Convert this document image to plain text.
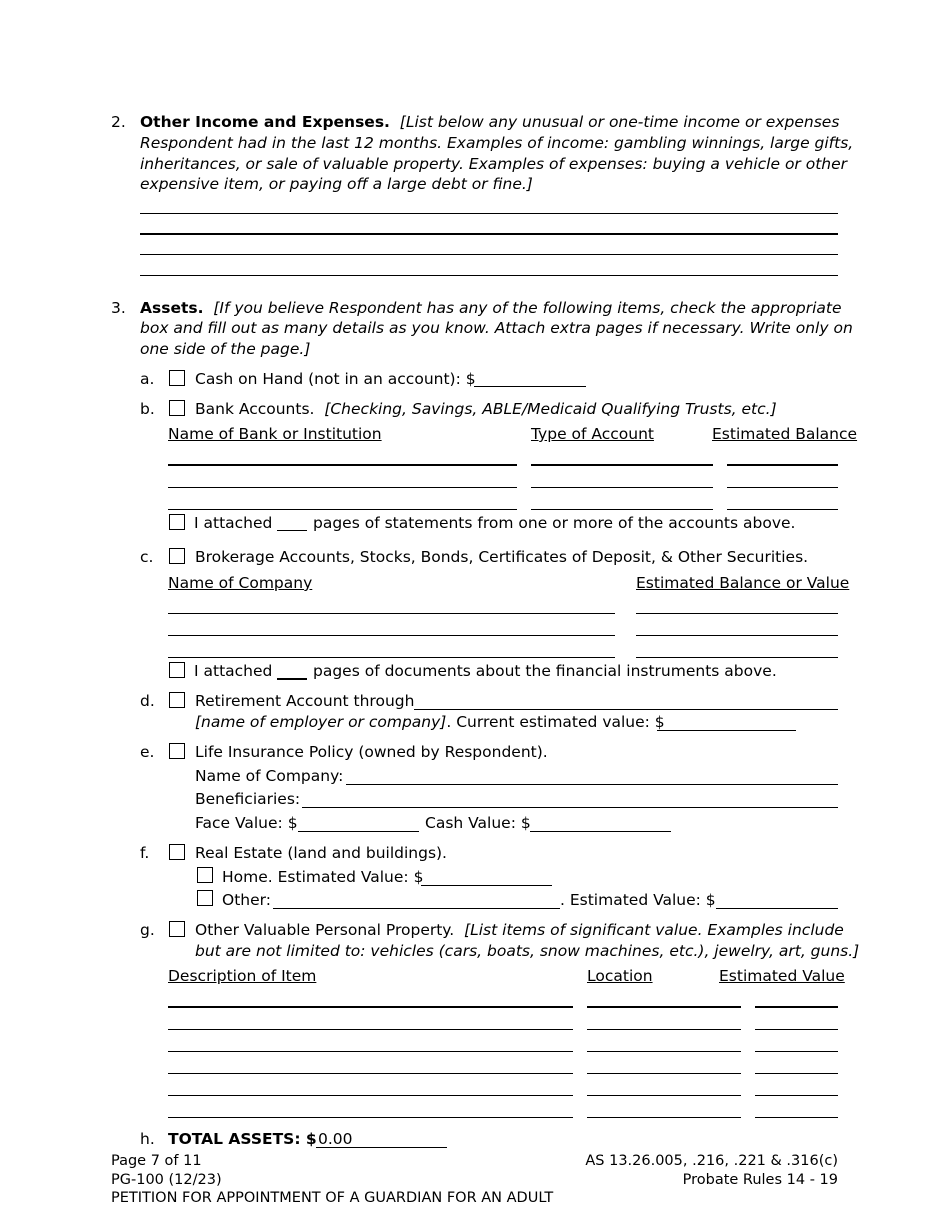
2. Other Income and Expenses. [List below any unusual or one-time income or expenses
Respondent had in the last 12 months. Examples of income: gambling winnings, large gifts,
inheritances, or sale of valuable property. Examples of expenses: buying a vehicle or other
expensive item, or paying off a large debt or fine.]
3. Assets. [If you believe Respondent has any of the following items, check the appropriate
box and fill out as many details as you know. Attach extra pages if necessary. Write only on
one side of the page.]
a.	Cash on Hand (not in an account): $
b.	Bank Accounts. [Checking, Savings, ABLE/Medicaid Qualifying Trusts, etc.]
Name of Bank or Institution	Type of Account	Estimated Balance
I attached	pages of statements from one or more of the accounts above.
c.	Brokerage Accounts, Stocks, Bonds, Certificates of Deposit, & Other Securities.
Name of Company	Estimated Balance or Value
I attached	pages of documents about the financial instruments above.
d.	Retirement Account through
[name of employer or company]. Current estimated value: $
e.	Life Insurance Policy (owned by Respondent).
Name of Company:
Beneficiaries:
Face Value: $	Cash Value: $
f.	Real Estate (land and buildings).
Home. Estimated Value: $
Other:	. Estimated Value: $
g.	Other Valuable Personal Property. [List items of significant value. Examples include
but are not limited to: vehicles (cars, boats, snow machines, etc.), jewelry, art, guns.]
Description of Item	Location	Estimated Value
h. TOTAL ASSETS: $ 0.00
Page 7 of 11
PG-100 (12/23)
PETITION FOR APPOINTMENT OF A GUARDIAN FOR AN ADULT
AS 13.26.005, .216, .221 & .316(c)
Probate Rules 14 - 19
